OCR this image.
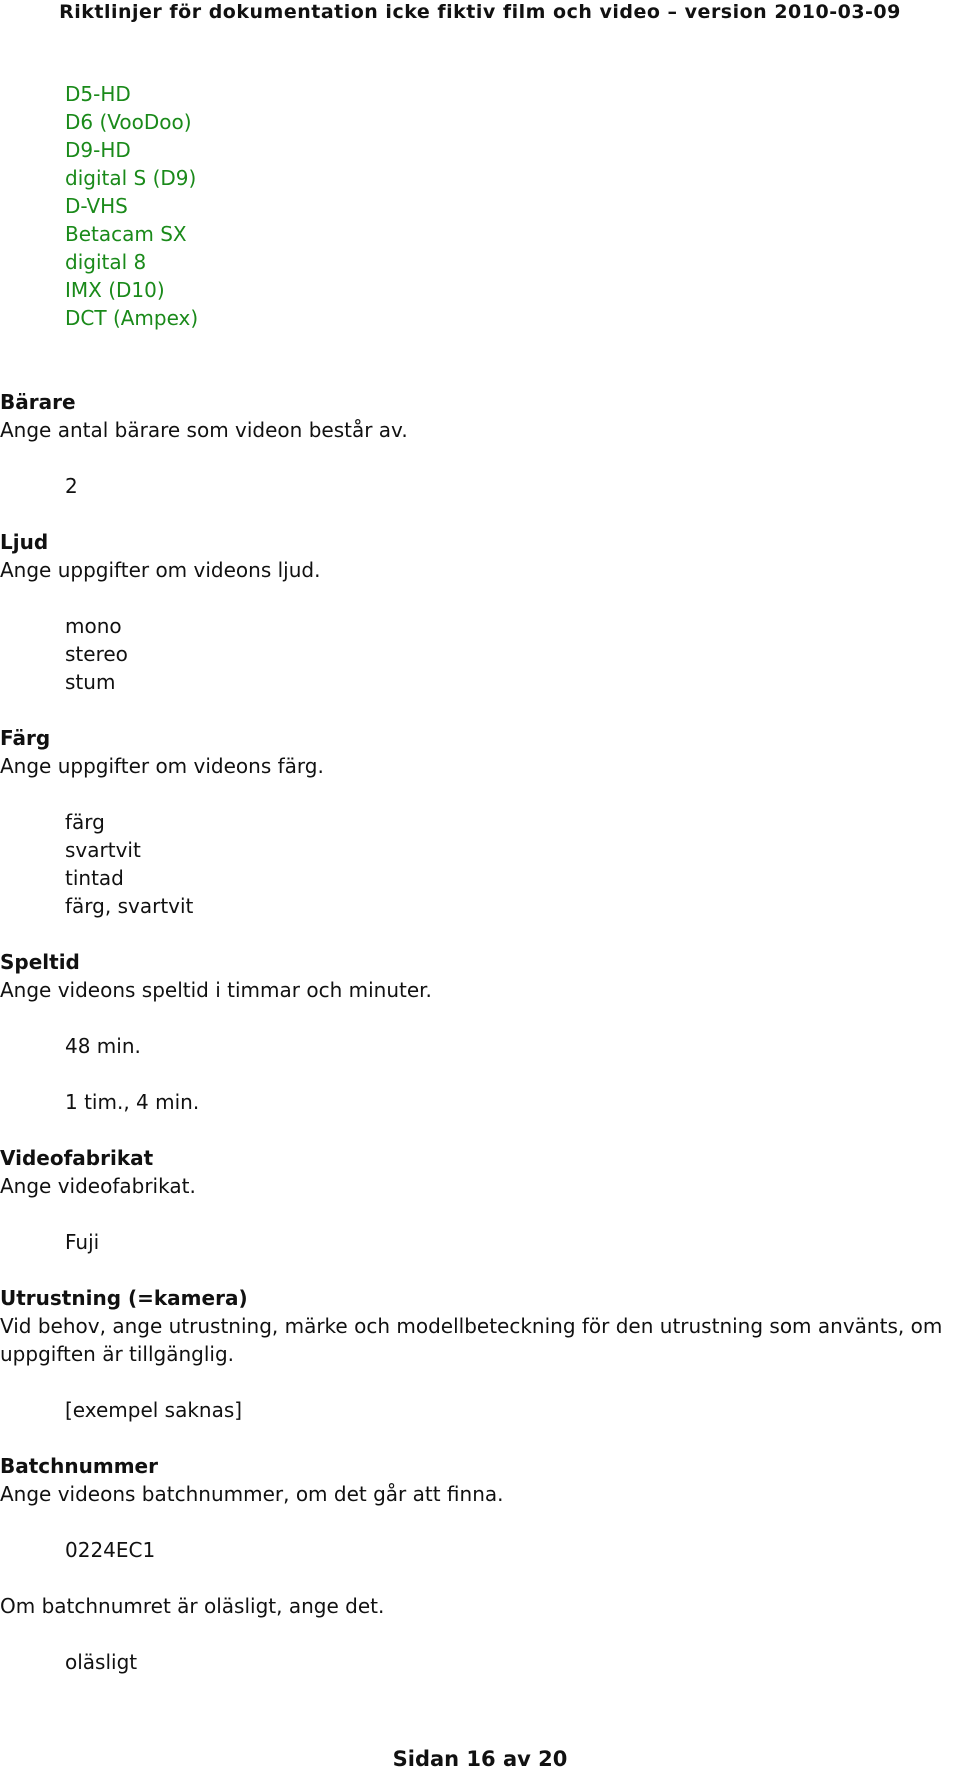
Riktlinjer för dokumentation icke fiktiv film och video – version 2010-03-09
D5-HD
D6 (VooDoo)
D9-HD
digital S (D9)
D-VHS
Betacam SX
digital 8
IMX (D10)
DCT (Ampex)
Bärare
Ange antal bärare som videon består av.
2
Ljud
Ange uppgifter om videons ljud.
mono
stereo
stum
Färg
Ange uppgifter om videons färg.
färg
svartvit
tintad
färg, svartvit
Speltid
Ange videons speltid i timmar och minuter.
48 min.
1 tim., 4 min.
Videofabrikat
Ange videofabrikat.
Fuji
Utrustning (=kamera)
Vid behov, ange utrustning, märke och modellbeteckning för den utrustning som använts, om uppgiften är tillgänglig.
[exempel saknas]
Batchnummer
Ange videons batchnummer, om det går att finna.
0224EC1
Om batchnumret är oläsligt, ange det.
oläsligt
Sidan 16 av 20
